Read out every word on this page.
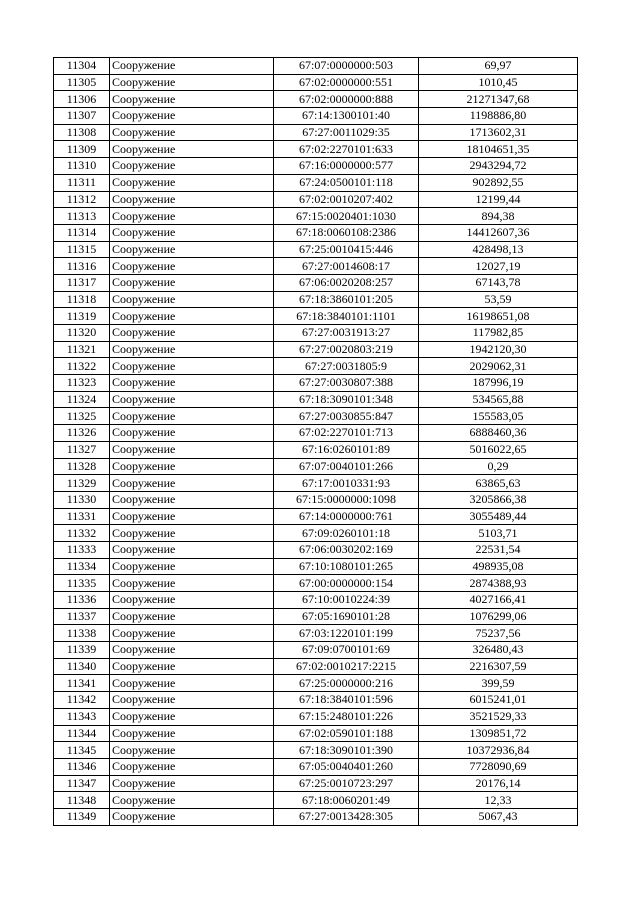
11304	Сооружение	67:07:0000000:503	69,97
11305	Сооружение	67:02:0000000:551	1010,45
11306	Сооружение	67:02:0000000:888	21271347,68
11307	Сооружение	67:14:1300101:40	1198886,80
11308	Сооружение	67:27:0011029:35	1713602,31
11309	Сооружение	67:02:2270101:633	18104651,35
11310	Сооружение	67:16:0000000:577	2943294,72
11311	Сооружение	67:24:0500101:118	902892,55
11312	Сооружение	67:02:0010207:402	12199,44
11313	Сооружение	67:15:0020401:1030	894,38
11314	Сооружение	67:18:0060108:2386	14412607,36
11315	Сооружение	67:25:0010415:446	428498,13
11316	Сооружение	67:27:0014608:17	12027,19
11317	Сооружение	67:06:0020208:257	67143,78
11318	Сооружение	67:18:3860101:205	53,59
11319	Сооружение	67:18:3840101:1101	16198651,08
11320	Сооружение	67:27:0031913:27	117982,85
11321	Сооружение	67:27:0020803:219	1942120,30
11322	Сооружение	67:27:0031805:9	2029062,31
11323	Сооружение	67:27:0030807:388	187996,19
11324	Сооружение	67:18:3090101:348	534565,88
11325	Сооружение	67:27:0030855:847	155583,05
11326	Сооружение	67:02:2270101:713	6888460,36
11327	Сооружение	67:16:0260101:89	5016022,65
11328	Сооружение	67:07:0040101:266	0,29
11329	Сооружение	67:17:0010331:93	63865,63
11330	Сооружение	67:15:0000000:1098	3205866,38
11331	Сооружение	67:14:0000000:761	3055489,44
11332	Сооружение	67:09:0260101:18	5103,71
11333	Сооружение	67:06:0030202:169	22531,54
11334	Сооружение	67:10:1080101:265	498935,08
11335	Сооружение	67:00:0000000:154	2874388,93
11336	Сооружение	67:10:0010224:39	4027166,41
11337	Сооружение	67:05:1690101:28	1076299,06
11338	Сооружение	67:03:1220101:199	75237,56
11339	Сооружение	67:09:0700101:69	326480,43
11340	Сооружение	67:02:0010217:2215	2216307,59
11341	Сооружение	67:25:0000000:216	399,59
11342	Сооружение	67:18:3840101:596	6015241,01
11343	Сооружение	67:15:2480101:226	3521529,33
11344	Сооружение	67:02:0590101:188	1309851,72
11345	Сооружение	67:18:3090101:390	10372936,84
11346	Сооружение	67:05:0040401:260	7728090,69
11347	Сооружение	67:25:0010723:297	20176,14
11348	Сооружение	67:18:0060201:49	12,33
11349	Сооружение	67:27:0013428:305	5067,43
